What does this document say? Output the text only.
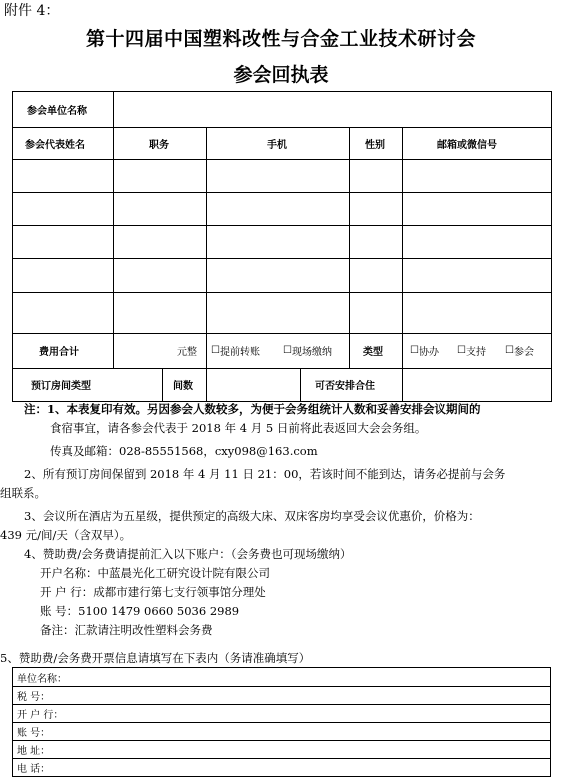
附件 4：
第十四届中国塑料改性与合金工业技术研讨会
参会回执表
参会单位名称
参会代表姓名	职务	手机	性别	邮箱或微信号
费用合计	元整 ☐ 提前转账 ☐ 现场缴纳	类型	☐ 协办 ☐ 支持 ☐ 参会
预订房间类型	间数	可否安排合住
注：1、本表复印有效。另因参会人数较多，为便于会务组统计人数和妥善安排会议期间的
食宿事宜，请各参会代表于 2018 年 4 月 5 日前将此表返回大会会务组。
传真及邮箱：028-85551568，cxy098@163.com
2、所有预订房间保留到 2018 年 4 月 11 日 21：00，若该时间不能到达，请务必提前与会务
组联系。
3、会议所在酒店为五星级，提供预定的高级大床、双床客房均享受会议优惠价，价格为：
439 元/间/天（含双早）。
4、赞助费/会务费请提前汇入以下账户：（会务费也可现场缴纳）
开户名称：中蓝晨光化工研究设计院有限公司
开 户 行：成都市建行第七支行领事馆分理处
账 号：5100 1479 0660 5036 2989
备注：汇款请注明改性塑料会务费
5、赞助费/会务费开票信息请填写在下表内（务请准确填写）
单位名称：
税 号：
开 户 行：
账 号：
地 址：
电 话：
